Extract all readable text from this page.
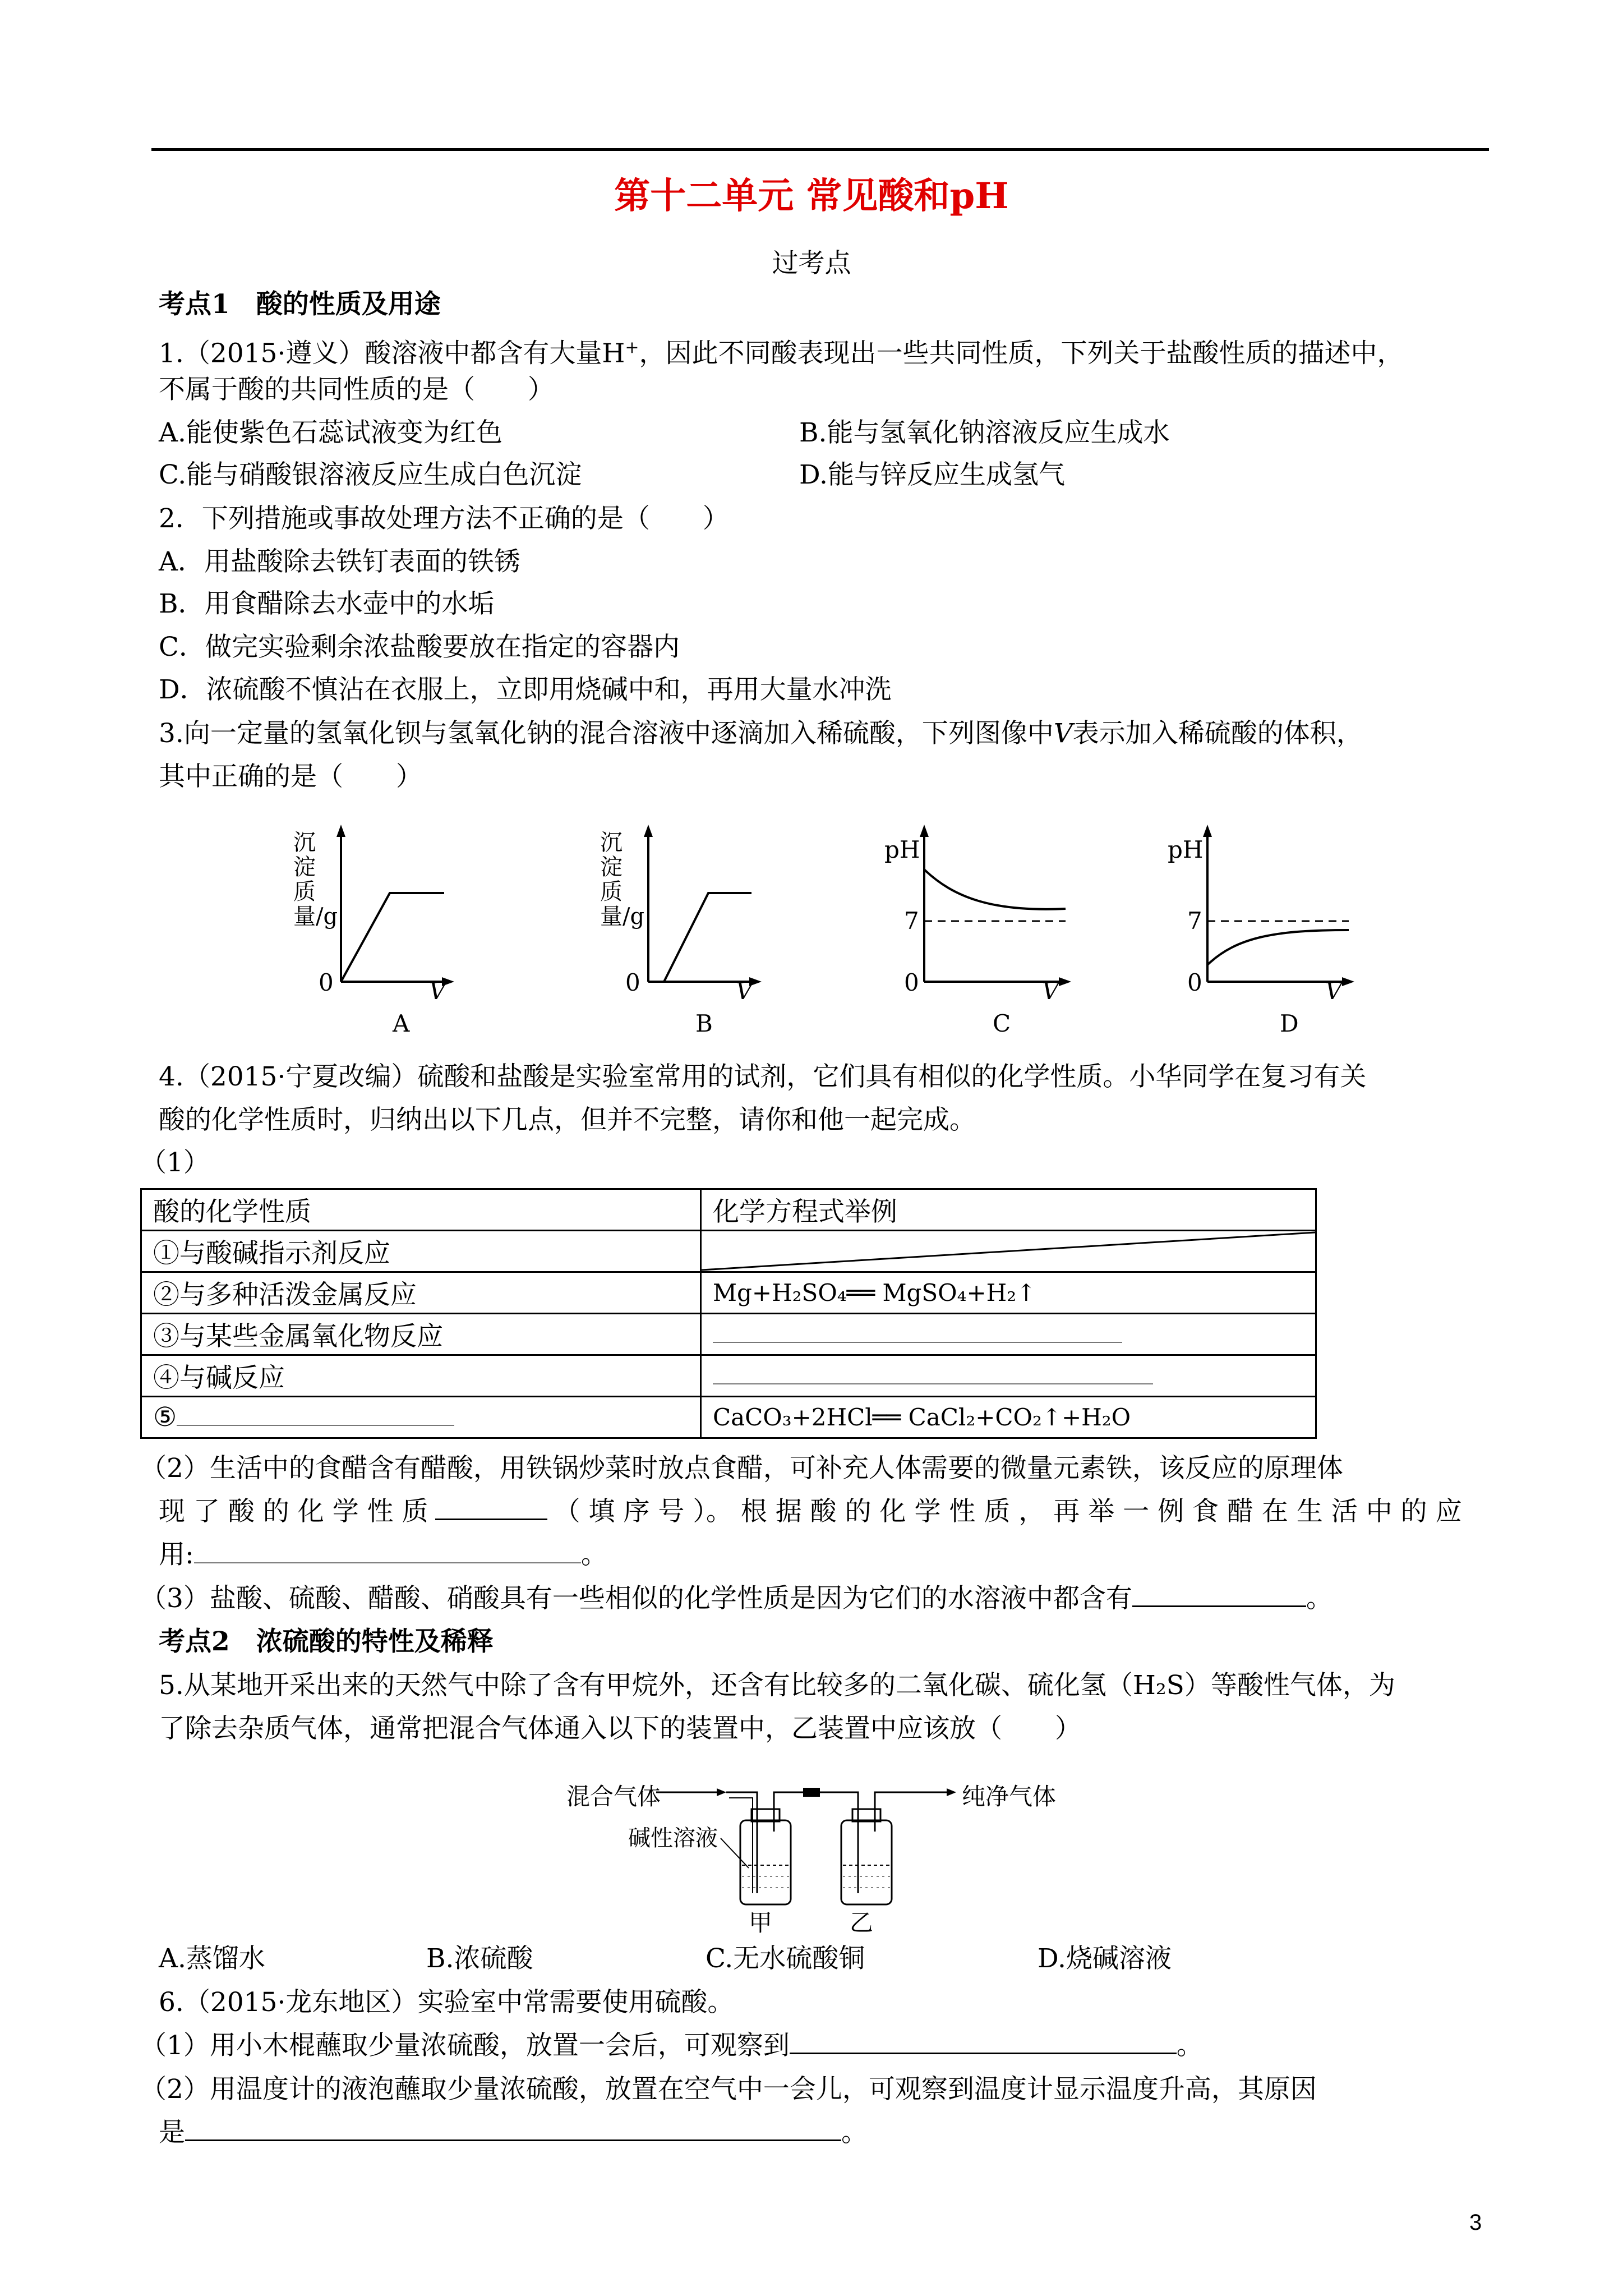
第十二单元 常见酸和pH
过考点
考点1　酸的性质及用途
1.（2015·遵义）酸溶液中都含有大量H+，因此不同酸表现出一些共同性质，下列关于盐酸性质的描述中，
不属于酸的共同性质的是（　　）
A.能使紫色石蕊试液变为红色	B.能与氢氧化钠溶液反应生成水
C.能与硝酸银溶液反应生成白色沉淀	D.能与锌反应生成氢气
2．下列措施或事故处理方法不正确的是（　　）
A．用盐酸除去铁钉表面的铁锈
B．用食醋除去水壶中的水垢
C．做完实验剩余浓盐酸要放在指定的容器内
D．浓硫酸不慎沾在衣服上，立即用烧碱中和，再用大量水冲洗
3.向一定量的氢氧化钡与氢氧化钠的混合溶液中逐滴加入稀硫酸，下列图像中V表示加入稀硫酸的体积，
其中正确的是（　　）
沉淀质量/g
0	V
A
沉淀质量/g
0	V
B
pH
7
0	V
C
pH
7
0	V
D
4.（2015·宁夏改编）硫酸和盐酸是实验室常用的试剂，它们具有相似的化学性质。小华同学在复习有关
酸的化学性质时，归纳出以下几点，但并不完整，请你和他一起完成。
（1）
酸的化学性质	化学方程式举例
①与酸碱指示剂反应	

②与多种活泼金属反应	Mg+H₂SO₄══ MgSO₄+H₂↑
③与某些金属氧化物反应	
④与碱反应	
⑤	CaCO₃+2HCl══ CaCl₂+CO₂↑+H₂O
（2）生活中的食醋含有醋酸，用铁锅炒菜时放点食醋，可补充人体需要的微量元素铁，该反应的原理体
现 了 酸 的 化 学 性 质	（ 填 序 号 ）。 根 据 酸 的 化 学 性 质 ， 再 举 一 例 食 醋 在 生 活 中 的 应
用:	。
（3）盐酸、硫酸、醋酸、硝酸具有一些相似的化学性质是因为它们的水溶液中都含有	。
考点2　浓硫酸的特性及稀释
5.从某地开采出来的天然气中除了含有甲烷外，还含有比较多的二氧化碳、硫化氢（H₂S）等酸性气体，为
了除去杂质气体，通常把混合气体通入以下的装置中，乙装置中应该放（　　）
混合气体	纯净气体
碱性溶液
甲	乙
A.蒸馏水	B.浓硫酸	C.无水硫酸铜	D.烧碱溶液
6.（2015·龙东地区）实验室中常需要使用硫酸。
（1）用小木棍蘸取少量浓硫酸，放置一会后，可观察到	。
（2）用温度计的液泡蘸取少量浓硫酸，放置在空气中一会儿，可观察到温度计显示温度升高，其原因
是	。
3
